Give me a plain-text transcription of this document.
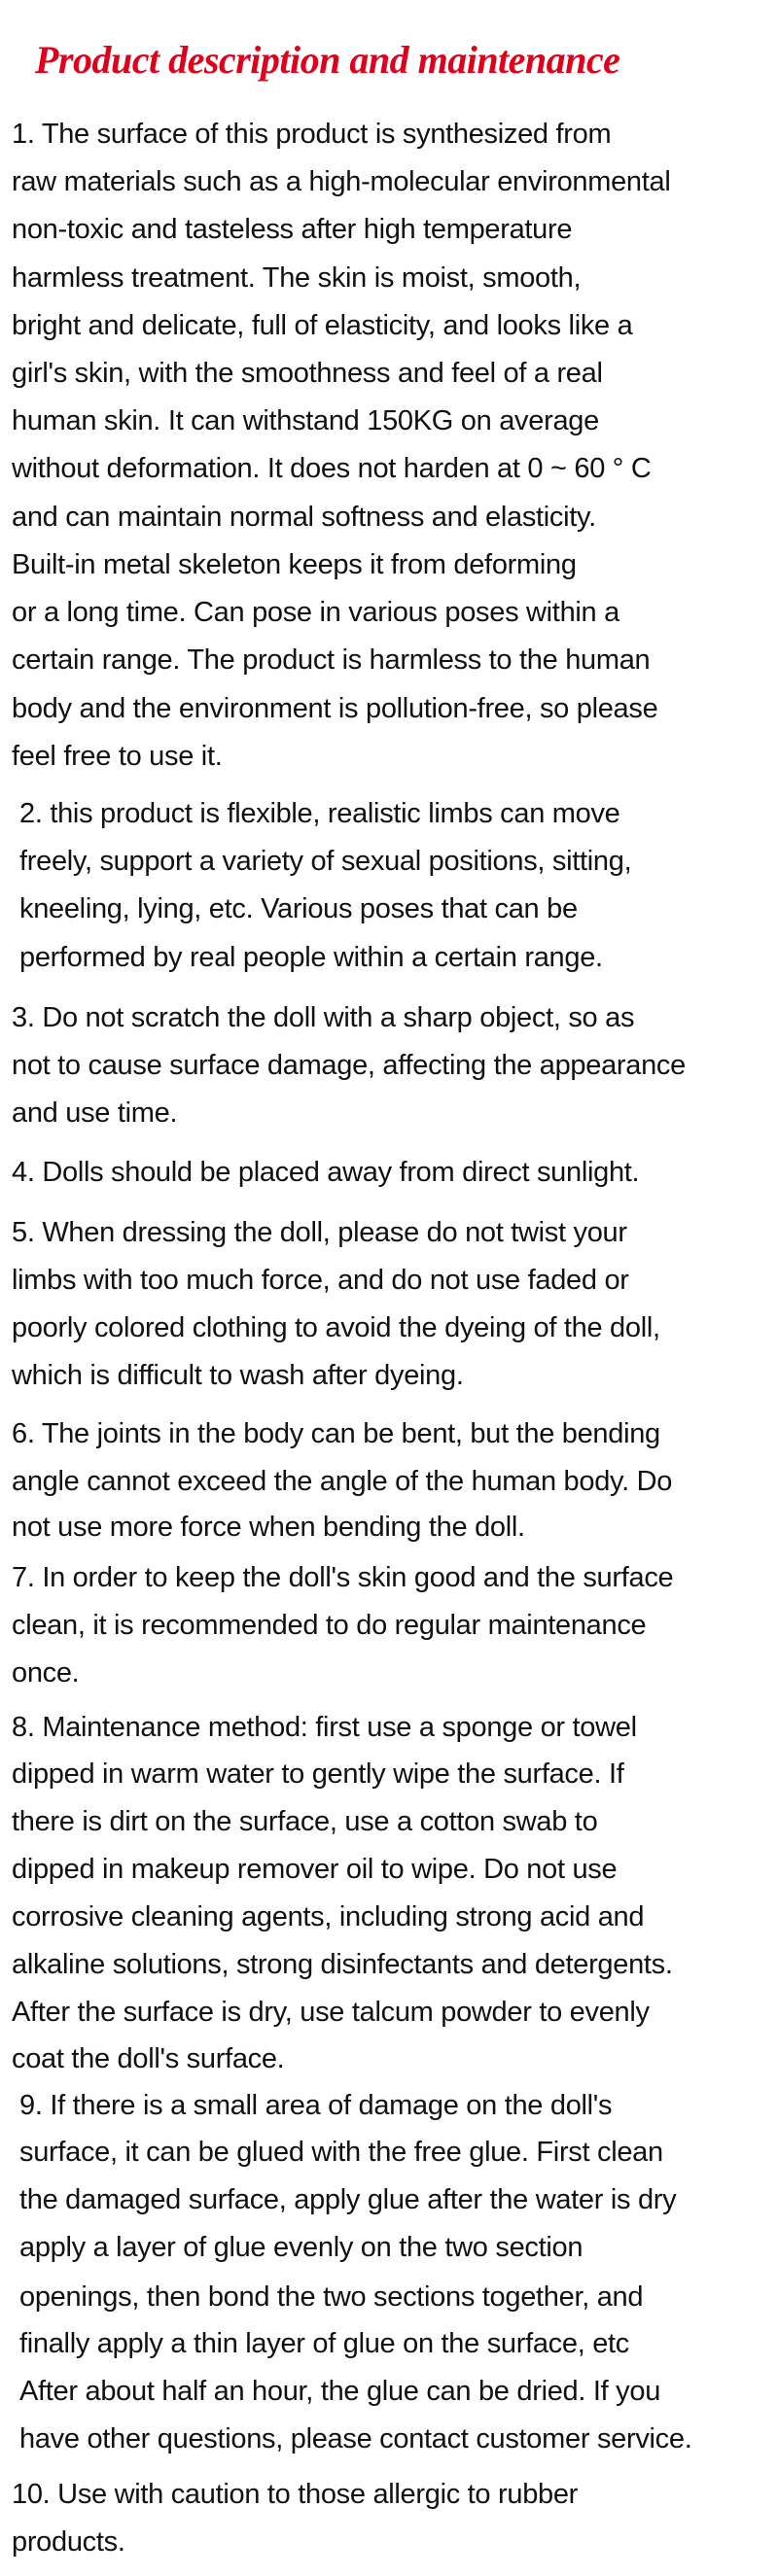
Product description and maintenance
1. The surface of this product is synthesized from
raw materials such as a high-molecular environmental
non-toxic and tasteless after high temperature
harmless treatment. The skin is moist, smooth,
bright and delicate, full of elasticity, and looks like a
girl's skin, with the smoothness and feel of a real
human skin. It can withstand 150KG on average
without deformation. It does not harden at 0 ~ 60 ° C
and can maintain normal softness and elasticity.
Built-in metal skeleton keeps it from deforming
or a long time. Can pose in various poses within a
certain range. The product is harmless to the human
body and the environment is pollution-free, so please
feel free to use it.
2. this product is flexible, realistic limbs can move
freely, support a variety of sexual positions, sitting,
kneeling, lying, etc. Various poses that can be
performed by real people within a certain range.
3. Do not scratch the doll with a sharp object, so as
not to cause surface damage, affecting the appearance
and use time.
4. Dolls should be placed away from direct sunlight.
5. When dressing the doll, please do not twist your
limbs with too much force, and do not use faded or
poorly colored clothing to avoid the dyeing of the doll,
which is difficult to wash after dyeing.
6. The joints in the body can be bent, but the bending
angle cannot exceed the angle of the human body. Do
not use more force when bending the doll.
7. In order to keep the doll's skin good and the surface
clean, it is recommended to do regular maintenance
once.
8. Maintenance method: first use a sponge or towel
dipped in warm water to gently wipe the surface. If
there is dirt on the surface, use a cotton swab to
dipped in makeup remover oil to wipe. Do not use
corrosive cleaning agents, including strong acid and
alkaline solutions, strong disinfectants and detergents.
After the surface is dry, use talcum powder to evenly
coat the doll's surface.
9. If there is a small area of damage on the doll's
surface, it can be glued with the free glue. First clean
the damaged surface, apply glue after the water is dry
apply a layer of glue evenly on the two section
openings, then bond the two sections together, and
finally apply a thin layer of glue on the surface, etc
After about half an hour, the glue can be dried. If you
have other questions, please contact customer service.
10. Use with caution to those allergic to rubber
products.
